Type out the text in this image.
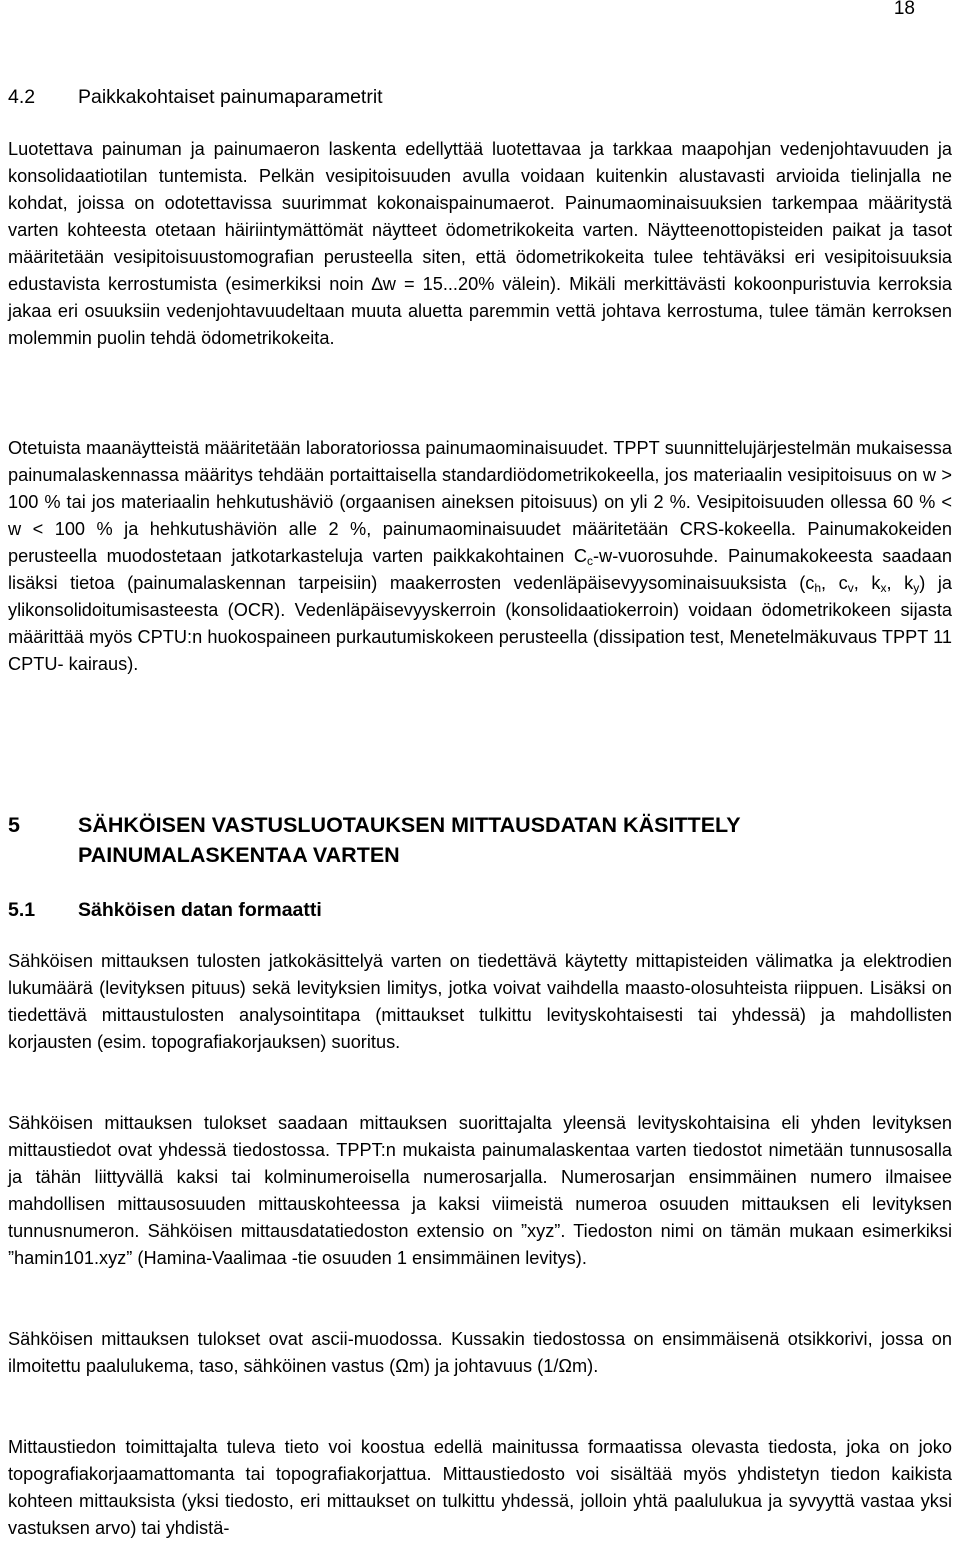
18
4.2 Paikkakohtaiset painumaparametrit

Luotettava painuman ja painumaeron laskenta edellyttää luotettavaa ja tarkkaa maapohjan vedenjohtavuuden ja konsolidaatiotilan tuntemista. Pelkän vesipitoisuuden avulla voidaan kuitenkin alustavasti arvioida tielinjalla ne kohdat, joissa on odotettavissa suurimmat kokonaispainumaerot. Painumaominaisuuksien tarkempaa määritystä varten kohteesta otetaan häiriintymättömät näytteet ödometrikokeita varten. Näytteenottopisteiden paikat ja tasot määritetään vesipitoisuustomografian perusteella siten, että ödometrikokeita tulee tehtäväksi eri vesipitoisuuksia edustavista kerrostumista (esimerkiksi noin ∆w = 15...20% välein). Mikäli merkittävästi kokoonpuristuvia kerroksia jakaa eri osuuksiin vedenjohtavuudeltaan muuta aluetta paremmin vettä johtava kerrostuma, tulee tämän kerroksen molemmin puolin tehdä ödometrikokeita.

Otetuista maanäytteistä määritetään laboratoriossa painumaominaisuudet. TPPT suunnittelujärjestelmän mukaisessa painumalaskennassa määritys tehdään portaittaisella standardiödometrikokeella, jos materiaalin vesipitoisuus on w > 100 % tai jos materiaalin hehkutushäviö (orgaanisen aineksen pitoisuus) on yli 2 %. Vesipitoisuuden ollessa 60 % < w < 100 % ja hehkutushäviön alle 2 %, painumaominaisuudet määritetään CRS-kokeella. Painumakokeiden perusteella muodostetaan jatkotarkasteluja varten paikkakohtainen $C_c-w$-vuorosuhde. Painumakokeesta saadaan lisäksi tietoa (painumalaskennan tarpeisiin) maakerrosten vedenläpäisevyysominaisuuksista ($c_h$, $c_v$, $k_x$, $k_y$) ja ylikonsolidoitumisasteesta (OCR). Vedenläpäisevyyskerroin (konsolidaatiokerroin) voidaan ödometrikokeen sijasta määrittää myös CPTU:n huokospaineen purkautumiskokeen perusteella (dissipation test, Menetelmäkuvaus TPPT 11 CPTU- kairaus).

5	SÄHKÖISEN VASTUSLUOTAUKSEN MITTAUSDATAN KÄSITTELY
PAINUMALASKENTAA VARTEN
5.1 Sähköisen datan formaatti

Sähköisen mittauksen tulosten jatkokäsittelyä varten on tiedettävä käytetty mittapisteiden välimatka ja elektrodien lukumäärä (levityksen pituus) sekä levityksien limitys, jotka voivat vaihdella maasto-olosuhteista riippuen. Lisäksi on tiedettävä mittaustulosten analysointitapa (mittaukset tulkittu levityskohtaisesti tai yhdessä) ja mahdollisten korjausten (esim. topografiakorjauksen) suoritus.

Sähköisen mittauksen tulokset saadaan mittauksen suorittajalta yleensä levityskohtaisina eli yhden levityksen mittaustiedot ovat yhdessä tiedostossa. TPPT:n mukaista painumalaskentaa varten tiedostot nimetään tunnusosalla ja tähän liittyvällä kaksi tai kolminumeroisella numerosarjalla. Numerosarjan ensimmäinen numero ilmaisee mahdollisen mittausosuuden mittauskohteessa ja kaksi viimeistä numeroa osuuden mittauksen eli levityksen tunnusnumeron. Sähköisen mittausdatatiedoston extensio on ”xyz”. Tiedoston nimi on tämän mukaan esimerkiksi ”hamin101.xyz” (Hamina-Vaalimaa -tie osuuden 1 ensimmäinen levitys).

Sähköisen mittauksen tulokset ovat ascii-muodossa. Kussakin tiedostossa on ensimmäisenä otsikkorivi, jossa on ilmoitettu paalulukema, taso, sähköinen vastus (Ωm) ja johtavuus (1/Ωm).

Mittaustiedon toimittajalta tuleva tieto voi koostua edellä mainitussa formaatissa olevasta tiedosta, joka on joko topografiakorjaamattomanta tai topografiakorjattua. Mittaustiedosto voi sisältää myös yhdistetyn tiedon kaikista kohteen mittauksista (yksi tiedosto, eri mittaukset on tulkittu yhdessä, jolloin yhtä paalulukua ja syvyyttä vastaa yksi vastuksen arvo) tai yhdistä-
